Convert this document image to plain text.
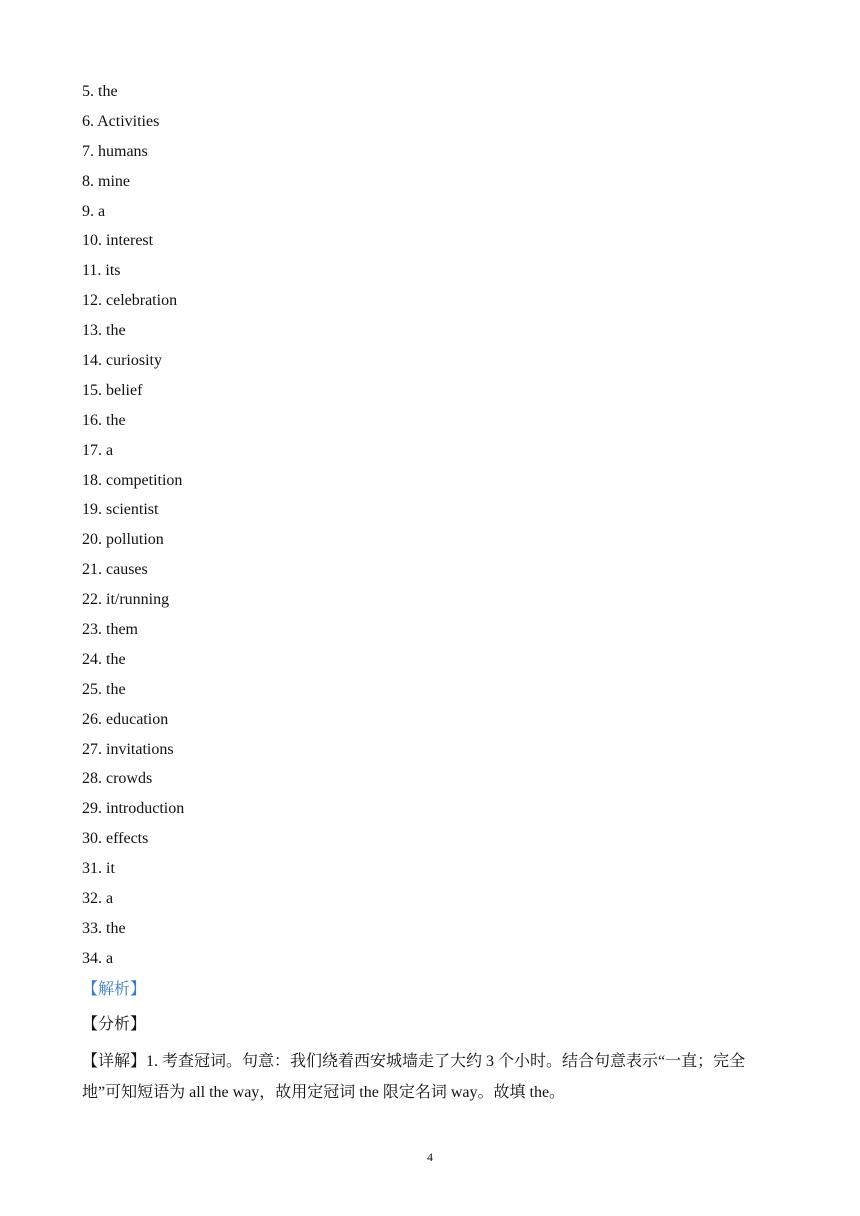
5. the
6. Activities
7. humans
8. mine
9. a
10. interest
11. its
12. celebration
13. the
14. curiosity
15. belief
16. the
17. a
18. competition
19. scientist
20. pollution
21. causes
22. it/running
23. them
24. the
25. the
26. education
27. invitations
28. crowds
29. introduction
30. effects
31. it
32. a
33. the
34. a
【解析】
【分析】

【详解】1. 考查冠词。句意：我们绕着西安城墙走了大约 3 个小时。结合句意表示“一直；完全地”可知短语为 all the way，故用定冠词 the 限定名词 way。故填 the。

4
